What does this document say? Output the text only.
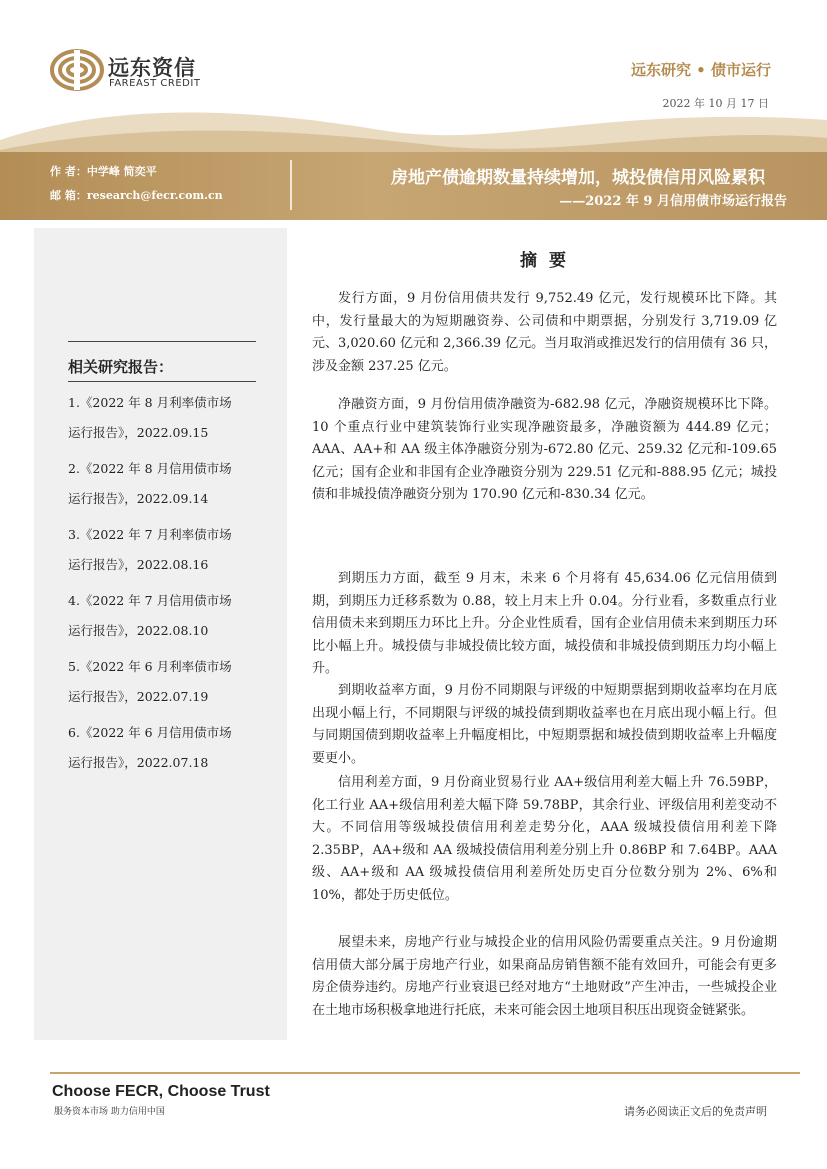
远东资信
FAREAST CREDIT
远东研究 • 债市运行
2022 年 10 月 17 日
作 者：中学峰 简奕平
邮 箱：research@fecr.com.cn
房地产债逾期数量持续增加，城投债信用风险累积
——2022 年 9 月信用债市场运行报告
相关研究报告：
1.《2022 年 8 月利率债市场
运行报告》，2022.09.15
2.《2022 年 8 月信用债市场
运行报告》，2022.09.14
3.《2022 年 7 月利率债市场
运行报告》，2022.08.16
4.《2022 年 7 月信用债市场
运行报告》，2022.08.10
5.《2022 年 6 月利率债市场
运行报告》，2022.07.19
6.《2022 年 6 月信用债市场
运行报告》，2022.07.18
摘要

发行方面，9 月份信用债共发行 9,752.49 亿元，发行规模环比下降。其中，发行量最大的为短期融资券、公司债和中期票据，分别发行 3,719.09 亿元、3,020.60 亿元和 2,366.39 亿元。当月取消或推迟发行的信用债有 36 只，涉及金额 237.25 亿元。

净融资方面，9 月份信用债净融资为-682.98 亿元，净融资规模环比下降。10 个重点行业中建筑装饰行业实现净融资最多，净融资额为 444.89 亿元；AAA、AA+和 AA 级主体净融资分别为-672.80 亿元、259.32 亿元和-109.65 亿元；国有企业和非国有企业净融资分别为 229.51 亿元和-888.95 亿元；城投债和非城投债净融资分别为 170.90 亿元和-830.34 亿元。

到期压力方面，截至 9 月末，未来 6 个月将有 45,634.06 亿元信用债到期，到期压力迁移系数为 0.88，较上月末上升 0.04。分行业看，多数重点行业信用债未来到期压力环比上升。分企业性质看，国有企业信用债未来到期压力环比小幅上升。城投债与非城投债比较方面，城投债和非城投债到期压力均小幅上升。

到期收益率方面，9 月份不同期限与评级的中短期票据到期收益率均在月底出现小幅上行，不同期限与评级的城投债到期收益率也在月底出现小幅上行。但与同期国债到期收益率上升幅度相比，中短期票据和城投债到期收益率上升幅度要更小。

信用利差方面，9 月份商业贸易行业 AA+级信用利差大幅上升 76.59BP，化工行业 AA+级信用利差大幅下降 59.78BP，其余行业、评级信用利差变动不大。不同信用等级城投债信用利差走势分化，AAA 级城投债信用利差下降 2.35BP，AA+级和 AA 级城投债信用利差分别上升 0.86BP 和 7.64BP。AAA 级、AA+级和 AA 级城投债信用利差所处历史百分位数分别为 2%、6%和 10%，都处于历史低位。

展望未来，房地产行业与城投企业的信用风险仍需要重点关注。9 月份逾期信用债大部分属于房地产行业，如果商品房销售额不能有效回升，可能会有更多房企债券违约。房地产行业衰退已经对地方“土地财政”产生冲击，一些城投企业在土地市场积极拿地进行托底，未来可能会因土地项目积压出现资金链紧张。

Choose FECR, Choose Trust
服务资本市场 助力信用中国	请务必阅读正文后的免责声明
